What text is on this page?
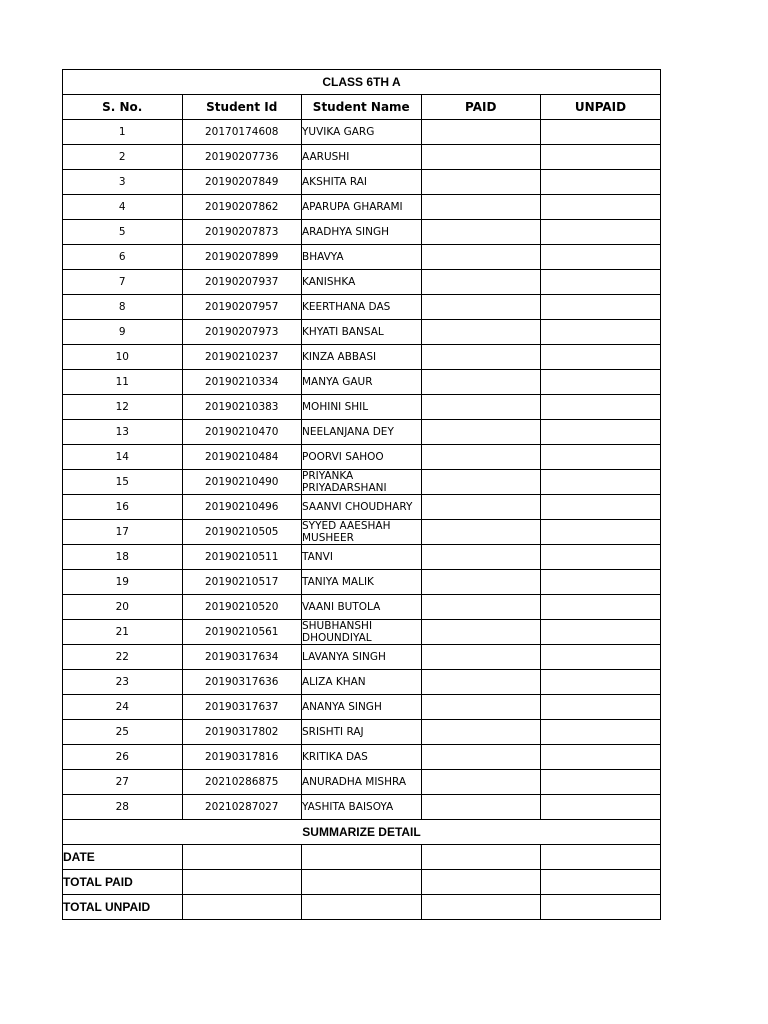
CLASS 6TH A				
S. No.	Student Id	Student Name	PAID	UNPAID
1	20170174608	YUVIKA GARG		
2	20190207736	AARUSHI		
3	20190207849	AKSHITA RAI		
4	20190207862	APARUPA GHARAMI		
5	20190207873	ARADHYA SINGH		
6	20190207899	BHAVYA		
7	20190207937	KANISHKA		
8	20190207957	KEERTHANA DAS		
9	20190207973	KHYATI BANSAL		
10	20190210237	KINZA ABBASI		
11	20190210334	MANYA GAUR		
12	20190210383	MOHINI SHIL		
13	20190210470	NEELANJANA DEY		
14	20190210484	POORVI SAHOO		
15	20190210490	PRIYANKA PRIYADARSHANI		
16	20190210496	SAANVI CHOUDHARY		
17	20190210505	SYYED AAESHAH MUSHEER		
18	20190210511	TANVI		
19	20190210517	TANIYA MALIK		
20	20190210520	VAANI BUTOLA		
21	20190210561	SHUBHANSHI DHOUNDIYAL		
22	20190317634	LAVANYA SINGH		
23	20190317636	ALIZA KHAN		
24	20190317637	ANANYA SINGH		
25	20190317802	SRISHTI RAJ		
26	20190317816	KRITIKA DAS		
27	20210286875	ANURADHA MISHRA		
28	20210287027	YASHITA BAISOYA		
SUMMARIZE DETAIL				
DATE				
TOTAL PAID				
TOTAL UNPAID				
